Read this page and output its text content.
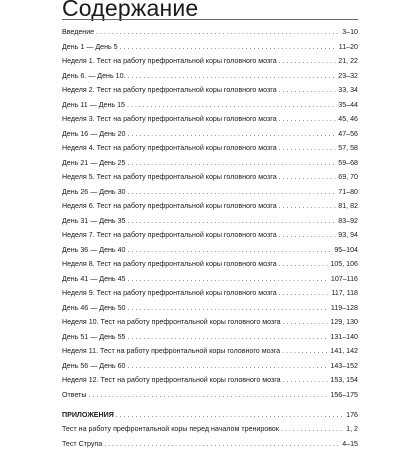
Содержание
Введение . . .	3–10
День 1 — День 5 . . .	11–20
Неделя 1. Тест на работу префронтальной коры головного мозга . . .	21, 22
День 6. — День 10. . . .	23–32
Неделя 2. Тест на работу префронтальной коры головного мозга . . .	33, 34
День 11 — День 15 . . .	35–44
Неделя 3. Тест на работу префронтальной коры головного мозга . . .	45, 46
День 16 — День 20 . . .	47–56
Неделя 4. Тест на работу префронтальной коры головного мозга . . .	57, 58
День 21 — День 25 . . .	59–68
Неделя 5. Тест на работу префронтальной коры головного мозга . . .	69, 70
День 26 — День 30 . . .	71–80
Неделя 6. Тест на работу префронтальной коры головного мозга . . .	81, 82
День 31 — День 35 . . .	83–92
Неделя 7. Тест на работу префронтальной коры головного мозга . . .	93, 94
День 36 — День 40 . . .	95–104
Неделя 8. Тест на работу префронтальной коры головного мозга . . .	105, 106
День 41 — День 45 . . .	107–116
Неделя 9. Тест на работу префронтальной коры головного мозга . . .	117, 118
День 46 — День 50 . . .	119–128
Неделя 10. Тест на работу префронтальной коры головного мозга . . .	129, 130
День 51 — День 55 . . .	131–140
Неделя 11. Тест на работу префронтальной коры головного мозга . . .	141, 142
День 56 — День 60 . . .	143–152
Неделя 12. Тест на работу префронтальной коры головного мозга . . .	153, 154
Ответы . . .	156–175
ПРИЛОЖЕНИЯ . . .	176
Тест на работу префронтальной коры перед началом тренировок . . .	1, 2
Тест Струпа . . .	4–15
